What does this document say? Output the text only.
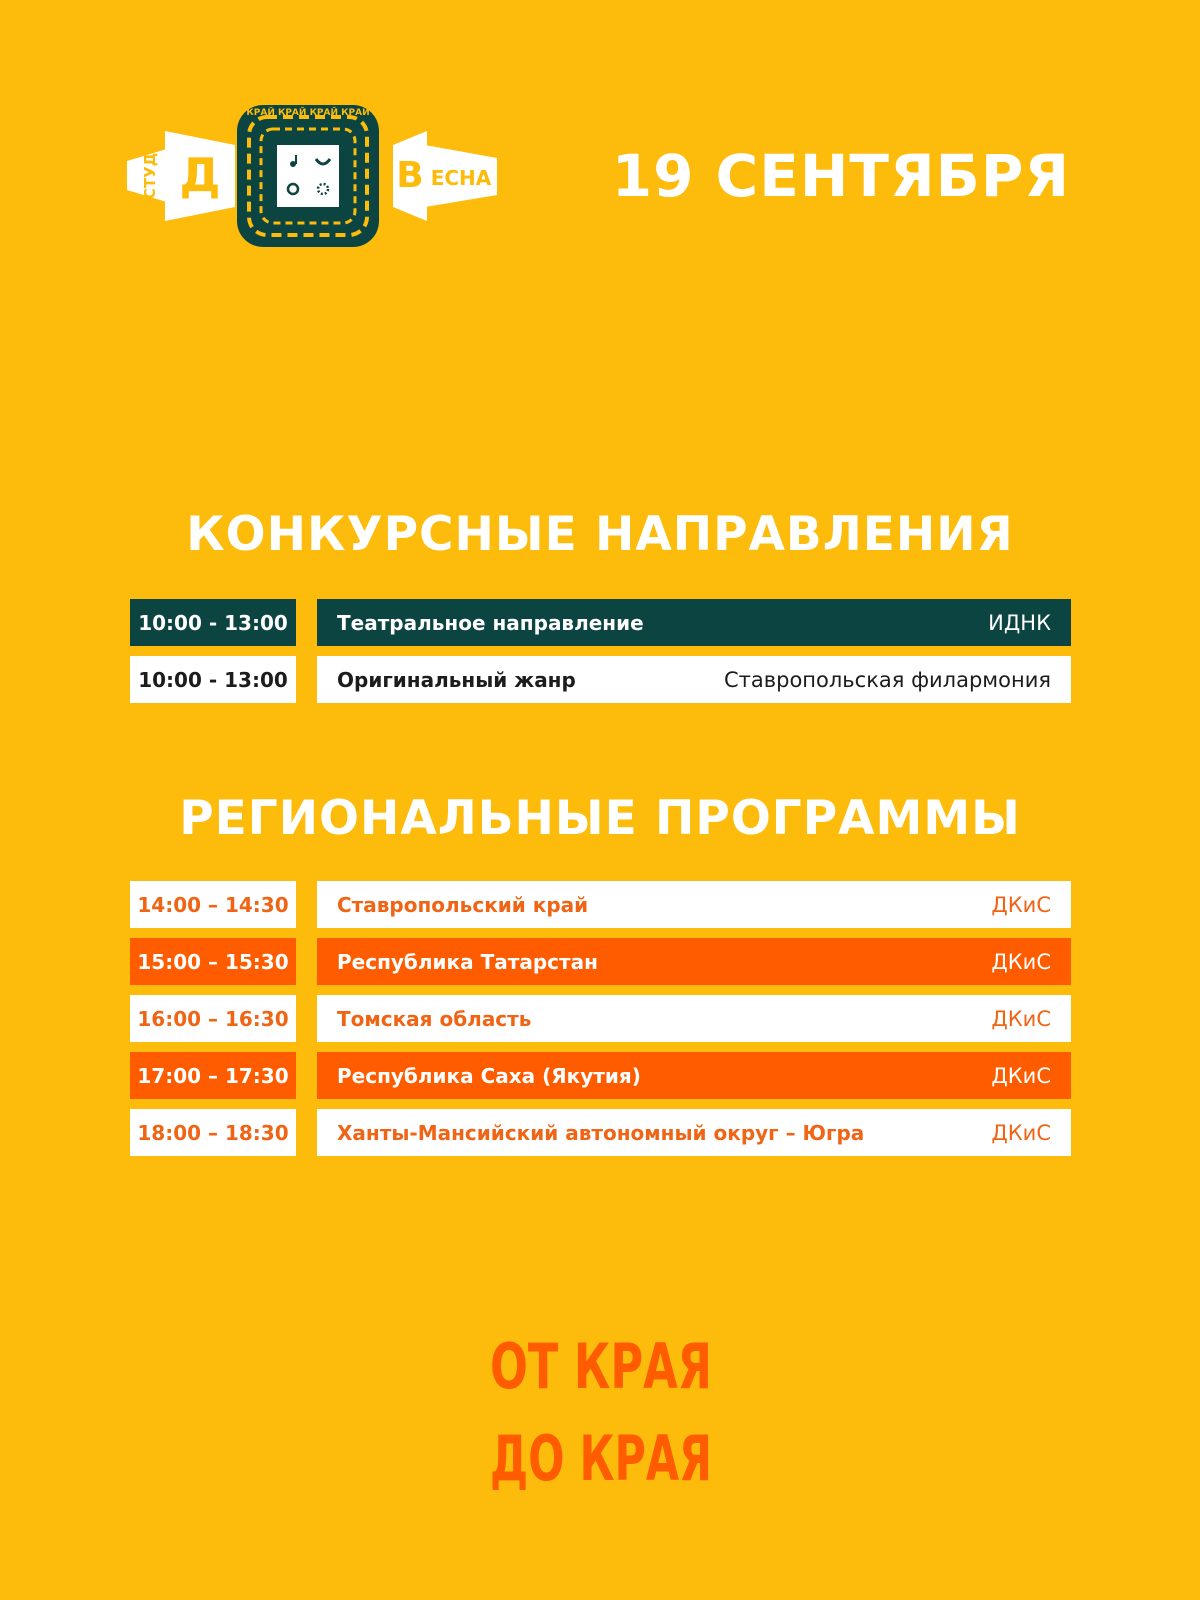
СТУД Д	В ЕСНА
КРАЙ КРАЙ КРАЙ КРАЙ КРАЙ КРАЙ КРАЙ КРАЙ КРАЙ КРАЙ КРАЙ КРАЙ
19 СЕНТЯБРЯ
КОНКУРСНЫЕ НАПРАВЛЕНИЯ
10:00 - 13:00	Театральное направление	ИДНК
10:00 - 13:00	Оригинальный жанр	Ставропольская филармония
РЕГИОНАЛЬНЫЕ ПРОГРАММЫ
14:00 – 14:30	Ставропольский край	ДКиС
15:00 – 15:30	Республика Татарстан	ДКиС
16:00 – 16:30	Томская область	ДКиС
17:00 – 17:30	Республика Саха (Якутия)	ДКиС
18:00 – 18:30	Ханты-Мансийский автономный округ – Югра	ДКиС
ОТ КРАЯ
ДО КРАЯ
